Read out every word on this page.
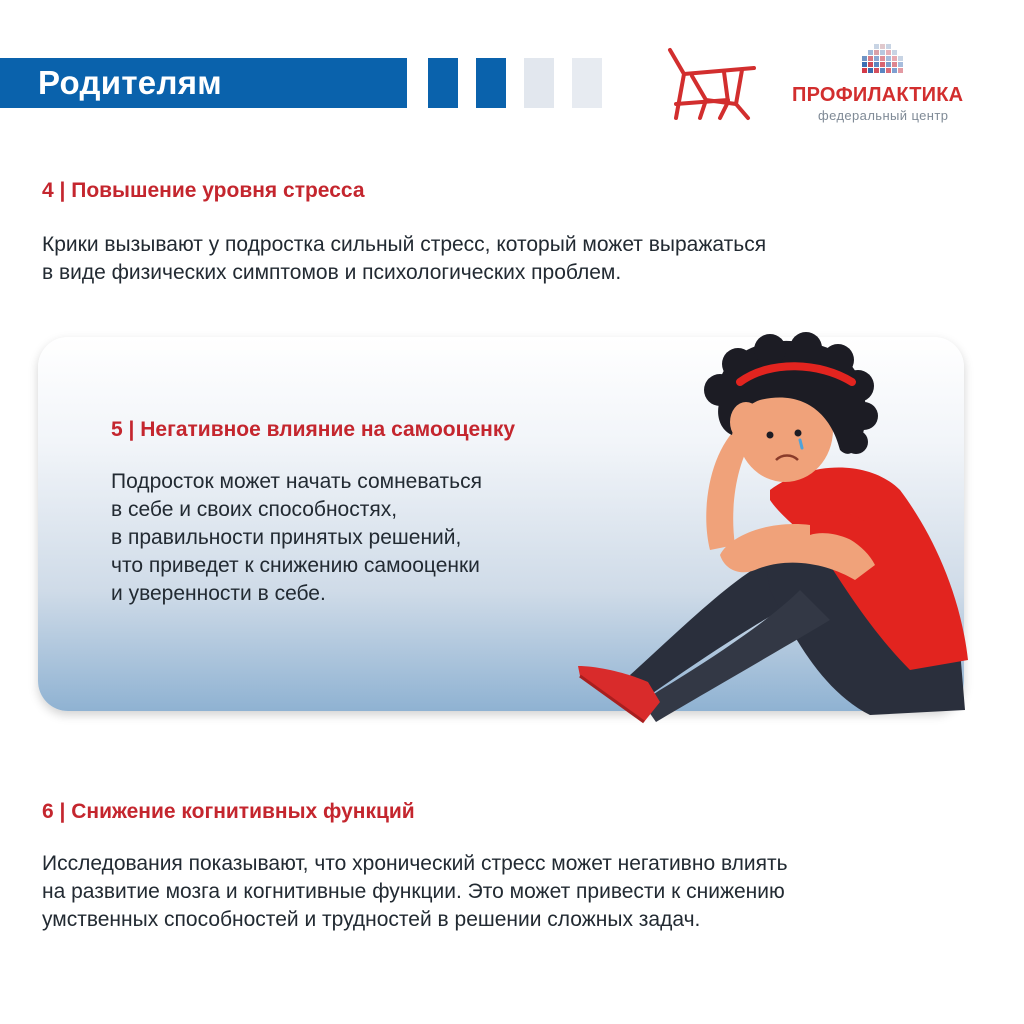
Родителям	ПРОФИЛАКТИКА
федеральный центр
4 | Повышение уровня стресса
Крики вызывают у подростка сильный стресс, который может выражаться
в виде физических симптомов и психологических проблем.
5 | Негативное влияние на самооценку
Подросток может начать сомневаться
в себе и своих способностях,
в правильности принятых решений,
что приведет к снижению самооценки
и уверенности в себе.
6 | Снижение когнитивных функций
Исследования показывают, что хронический стресс может негативно влиять
на развитие мозга и когнитивные функции. Это может привести к снижению
умственных способностей и трудностей в решении сложных задач.
